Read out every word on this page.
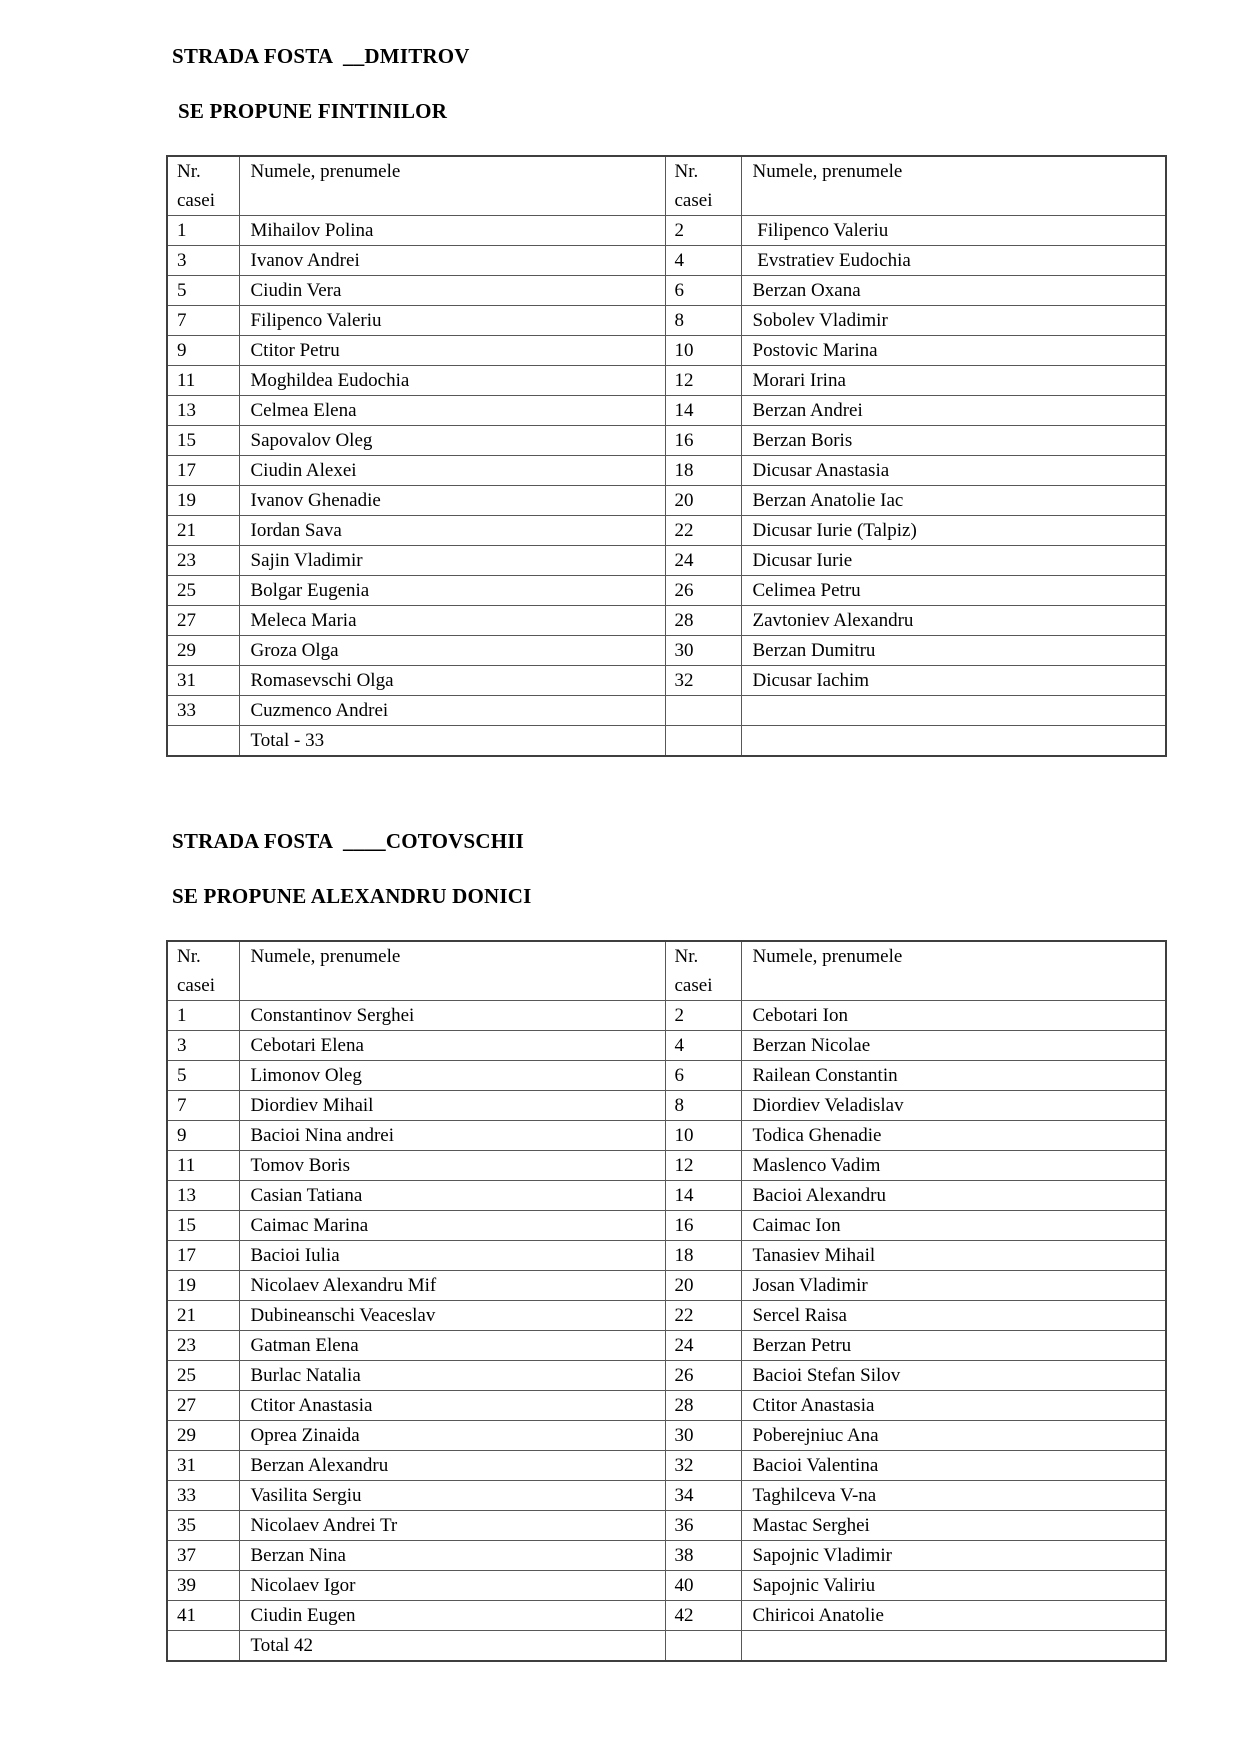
STRADA FOSTA  __DMITROV

SE PROPUNE FINTINILOR

Nr. casei	Numele, prenumele	Nr. casei	Numele, prenumele
1	Mihailov Polina	2	Filipenco Valeriu
3	Ivanov Andrei	4	Evstratiev Eudochia
5	Ciudin Vera	6	Berzan Oxana
7	Filipenco Valeriu	8	Sobolev Vladimir
9	Ctitor Petru	10	Postovic Marina
11	Moghildea Eudochia	12	Morari Irina
13	Celmea Elena	14	Berzan Andrei
15	Sapovalov Oleg	16	Berzan Boris
17	Ciudin Alexei	18	Dicusar Anastasia
19	Ivanov Ghenadie	20	Berzan Anatolie Iac
21	Iordan Sava	22	Dicusar Iurie (Talpiz)
23	Sajin Vladimir	24	Dicusar Iurie
25	Bolgar Eugenia	26	Celimea Petru
27	Meleca Maria	28	Zavtoniev Alexandru
29	Groza Olga	30	Berzan Dumitru
31	Romasevschi Olga	32	Dicusar Iachim
33	Cuzmenco Andrei		
	Total - 33		

STRADA FOSTA  ____COTOVSCHII

SE PROPUNE ALEXANDRU DONICI

Nr. casei	Numele, prenumele	Nr. casei	Numele, prenumele
1	Constantinov Serghei	2	Cebotari Ion
3	Cebotari Elena	4	Berzan Nicolae
5	Limonov Oleg	6	Railean Constantin
7	Diordiev Mihail	8	Diordiev Veladislav
9	Bacioi Nina andrei	10	Todica Ghenadie
11	Tomov Boris	12	Maslenco Vadim
13	Casian Tatiana	14	Bacioi Alexandru
15	Caimac Marina	16	Caimac Ion
17	Bacioi Iulia	18	Tanasiev Mihail
19	Nicolaev Alexandru Mif	20	Josan Vladimir
21	Dubineanschi Veaceslav	22	Sercel Raisa
23	Gatman Elena	24	Berzan Petru
25	Burlac Natalia	26	Bacioi Stefan Silov
27	Ctitor Anastasia	28	Ctitor Anastasia
29	Oprea Zinaida	30	Poberejniuc Ana
31	Berzan Alexandru	32	Bacioi Valentina
33	Vasilita Sergiu	34	Taghilceva V-na
35	Nicolaev Andrei Tr	36	Mastac Serghei
37	Berzan Nina	38	Sapojnic Vladimir
39	Nicolaev Igor	40	Sapojnic Valiriu
41	Ciudin Eugen	42	Chiricoi Anatolie
	Total 42		
